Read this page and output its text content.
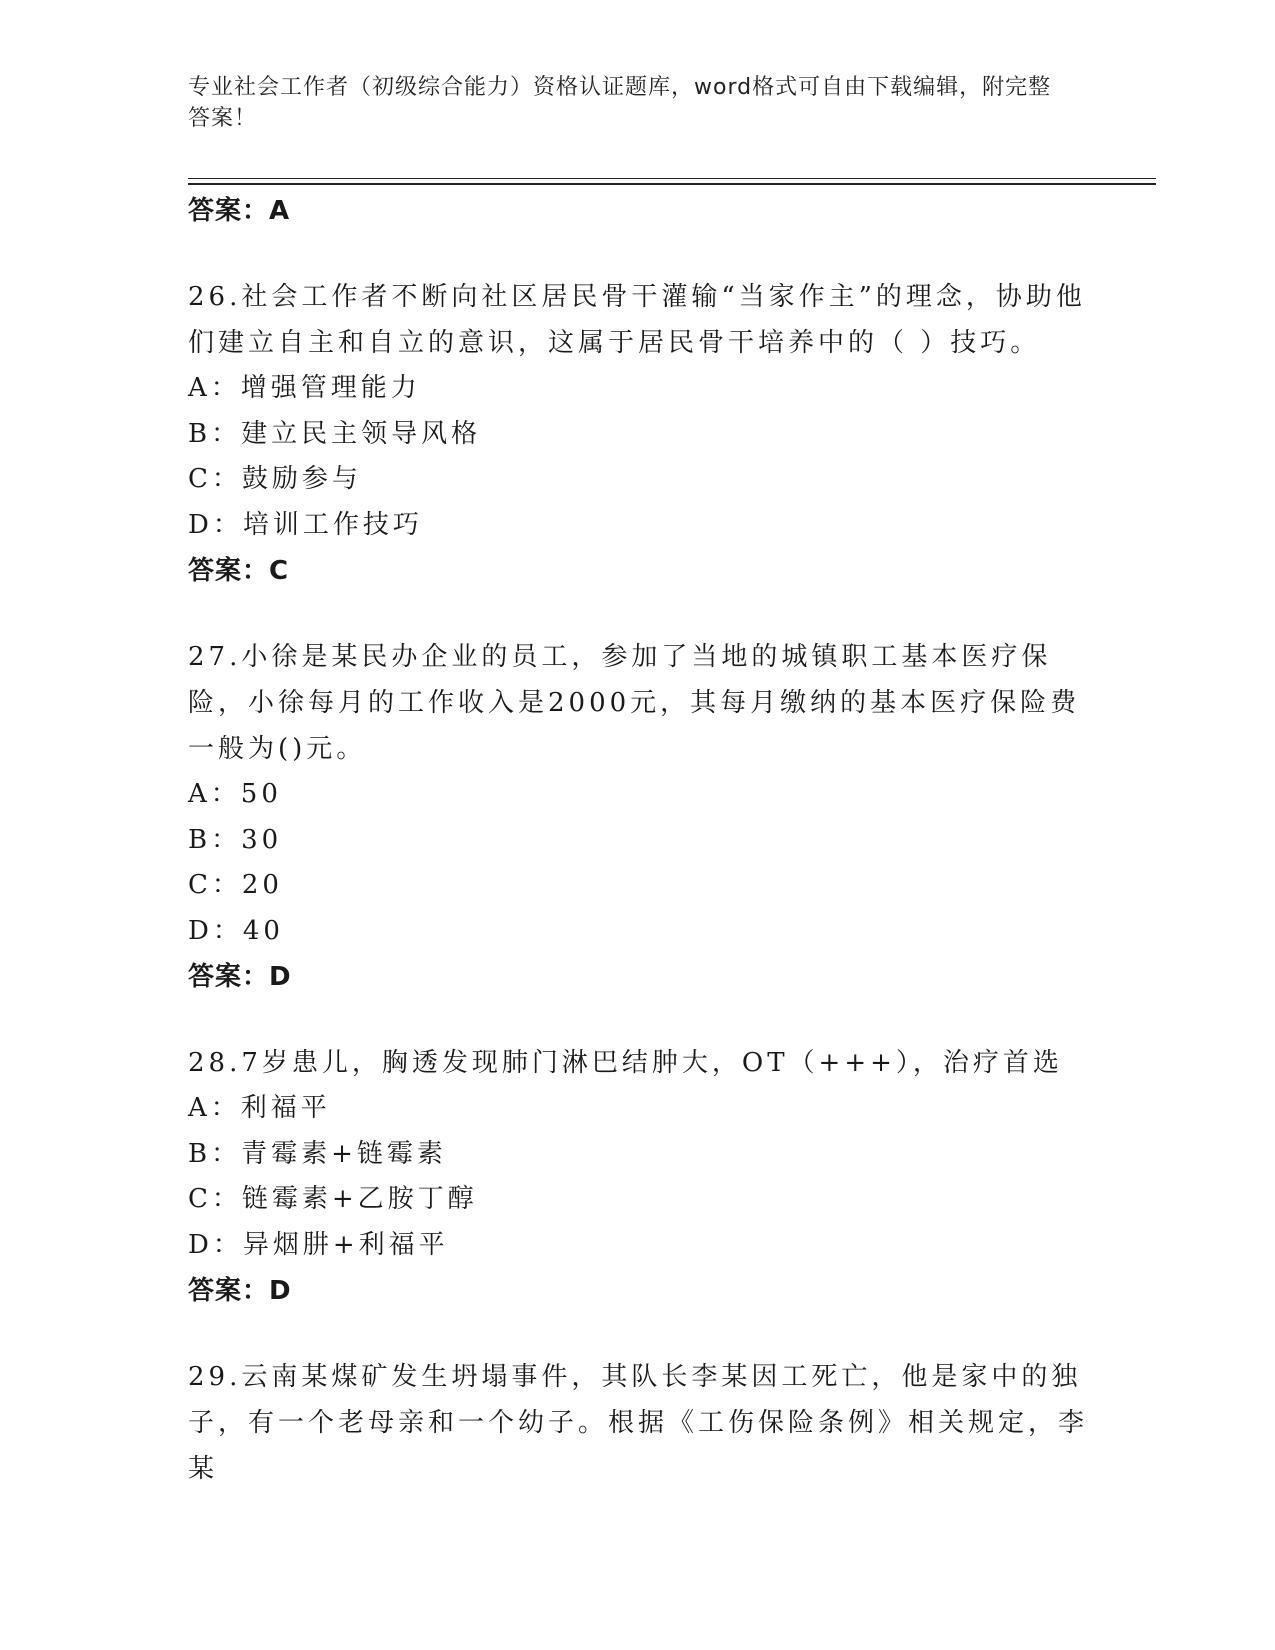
专业社会工作者（初级综合能力）资格认证题库，word格式可自由下载编辑，附完整答案！
答案：A
26.社会工作者不断向社区居民骨干灌输“当家作主”的理念，协助他们建立自主和自立的意识，这属于居民骨干培养中的（ ）技巧。
A：增强管理能力
B：建立民主领导风格
C：鼓励参与
D：培训工作技巧
答案：C
27.小徐是某民办企业的员工，参加了当地的城镇职工基本医疗保险，小徐每月的工作收入是2000元，其每月缴纳的基本医疗保险费一般为()元。
A：50
B：30
C：20
D：40
答案：D
28.7岁患儿，胸透发现肺门淋巴结肿大，OT（+++），治疗首选
A：利福平
B：青霉素+链霉素
C：链霉素+乙胺丁醇
D：异烟肼+利福平
答案：D
29.云南某煤矿发生坍塌事件，其队长李某因工死亡，他是家中的独子，有一个老母亲和一个幼子。根据《工伤保险条例》相关规定，李某
